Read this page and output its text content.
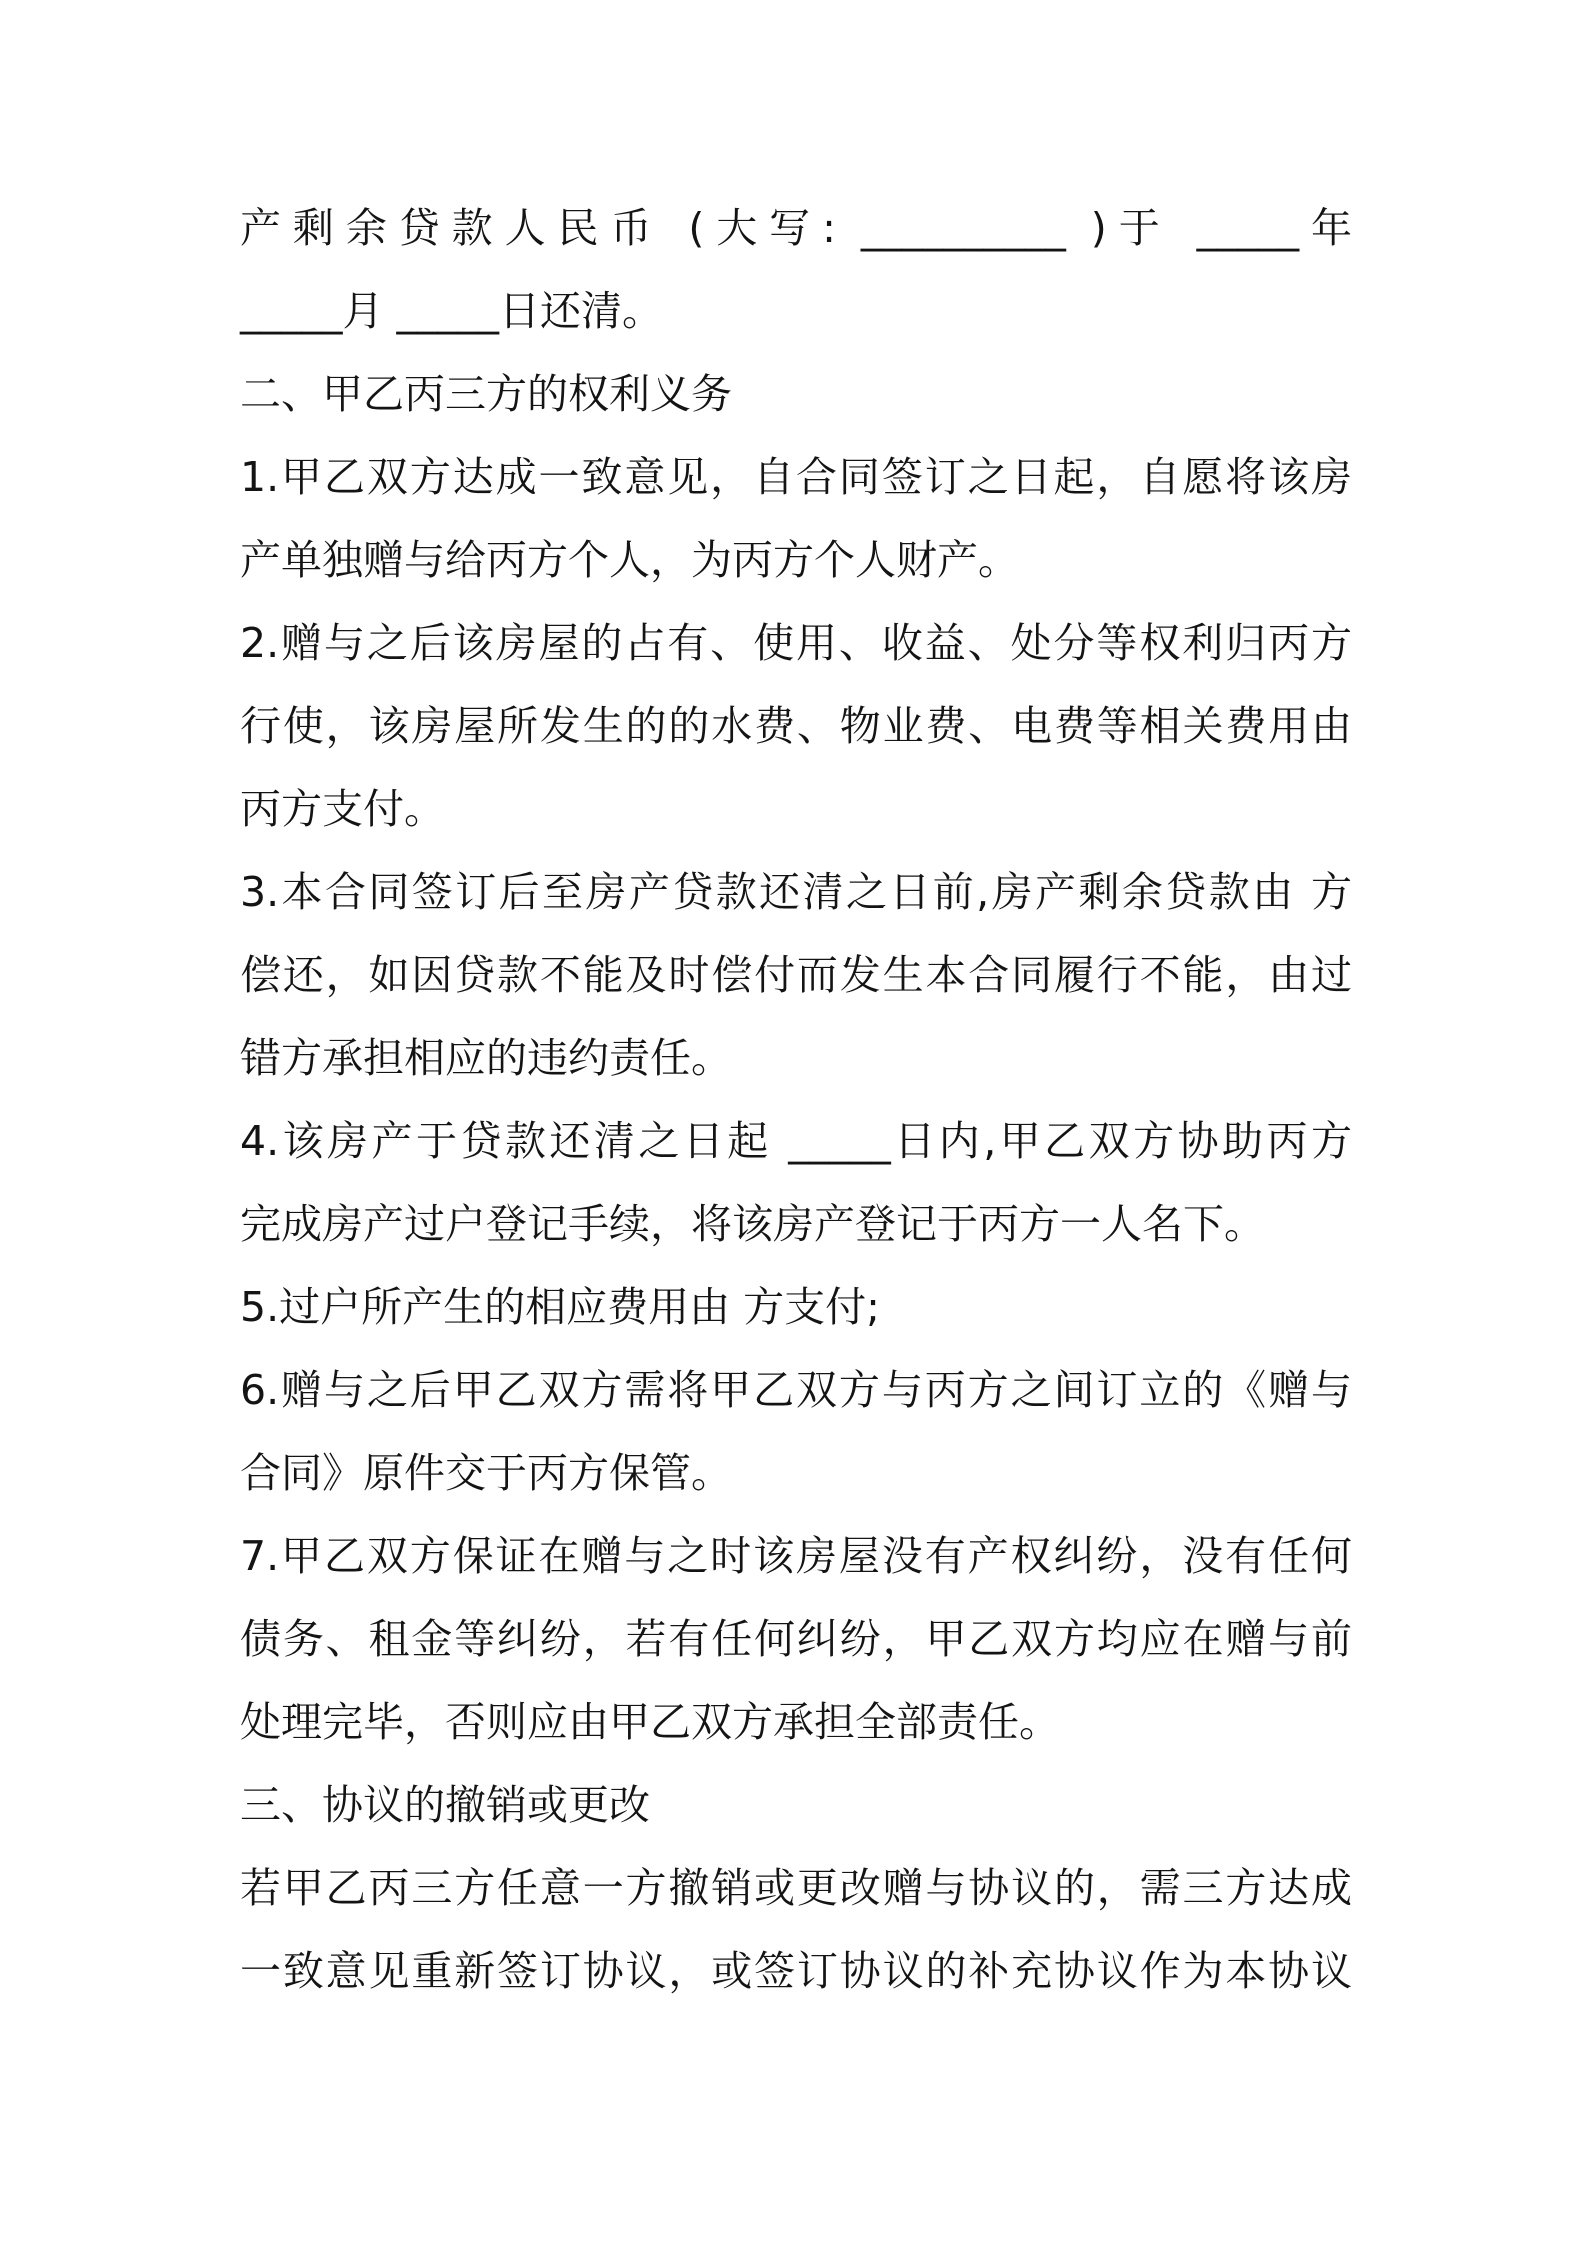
产剩余贷款人民币 (大写: __________ )于 _____年

_____月 _____日还清。

二、甲乙丙三方的权利义务

1.甲乙双方达成一致意见，自合同签订之日起，自愿将该房

产单独赠与给丙方个人，为丙方个人财产。

2.赠与之后该房屋的占有、使用、收益、处分等权利归丙方

行使，该房屋所发生的的水费、物业费、电费等相关费用由

丙方支付。

3.本合同签订后至房产贷款还清之日前,房产剩余贷款由 方

偿还，如因贷款不能及时偿付而发生本合同履行不能，由过

错方承担相应的违约责任。

4.该房产于贷款还清之日起 _____日内,甲乙双方协助丙方

完成房产过户登记手续，将该房产登记于丙方一人名下。

5.过户所产生的相应费用由 方支付;

6.赠与之后甲乙双方需将甲乙双方与丙方之间订立的《赠与

合同》原件交于丙方保管。

7.甲乙双方保证在赠与之时该房屋没有产权纠纷，没有任何

债务、租金等纠纷，若有任何纠纷，甲乙双方均应在赠与前

处理完毕，否则应由甲乙双方承担全部责任。

三、协议的撤销或更改

若甲乙丙三方任意一方撤销或更改赠与协议的，需三方达成

一致意见重新签订协议，或签订协议的补充协议作为本协议
